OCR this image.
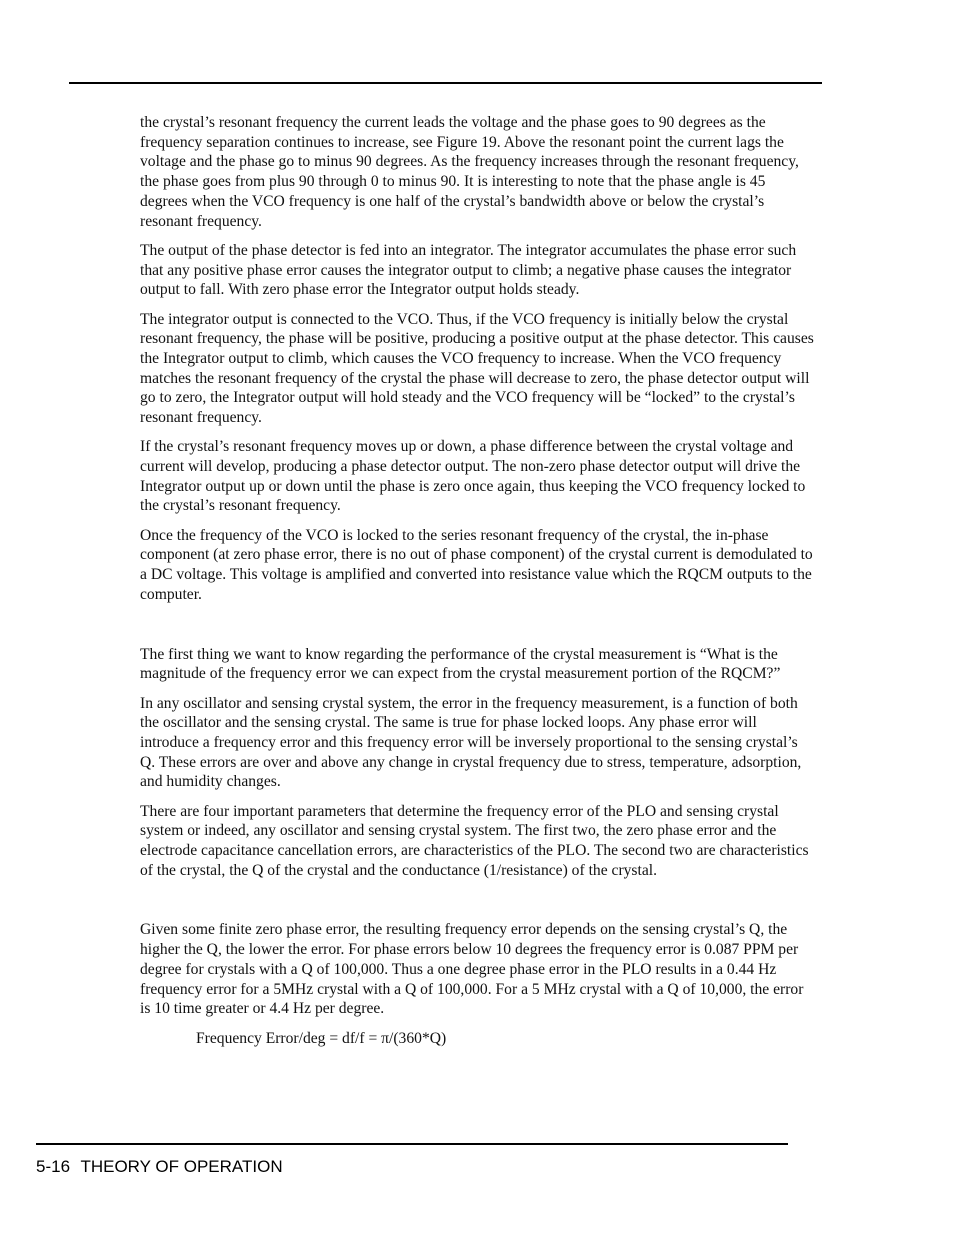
the crystal’s resonant frequency the current leads the voltage and the phase goes to 90 degrees as the frequency separation continues to increase, see Figure 19. Above the resonant point the current lags the voltage and the phase go to minus 90 degrees. As the frequency increases through the resonant frequency, the phase goes from plus 90 through 0 to minus 90. It is interesting to note that the phase angle is 45 degrees when the VCO frequency is one half of the crystal’s bandwidth above or below the crystal’s resonant frequency.

The output of the phase detector is fed into an integrator. The integrator accumulates the phase error such that any positive phase error causes the integrator output to climb; a negative phase causes the integrator output to fall. With zero phase error the Integrator output holds steady.

The integrator output is connected to the VCO. Thus, if the VCO frequency is initially below the crystal resonant frequency, the phase will be positive, producing a positive output at the phase detector. This causes the Integrator output to climb, which causes the VCO frequency to increase. When the VCO frequency matches the resonant frequency of the crystal the phase will decrease to zero, the phase detector output will go to zero, the Integrator output will hold steady and the VCO frequency will be “locked” to the crystal’s resonant frequency.

If the crystal’s resonant frequency moves up or down, a phase difference between the crystal voltage and current will develop, producing a phase detector output. The non-zero phase detector output will drive the Integrator output up or down until the phase is zero once again, thus keeping the VCO frequency locked to the crystal’s resonant frequency.

Once the frequency of the VCO is locked to the series resonant frequency of the crystal, the in-phase component (at zero phase error, there is no out of phase component) of the crystal current is demodulated to a DC voltage. This voltage is amplified and converted into resistance value which the RQCM outputs to the computer.

The first thing we want to know regarding the performance of the crystal measurement is “What is the magnitude of the frequency error we can expect from the crystal measurement portion of the RQCM?”

In any oscillator and sensing crystal system, the error in the frequency measurement, is a function of both the oscillator and the sensing crystal. The same is true for phase locked loops. Any phase error will introduce a frequency error and this frequency error will be inversely proportional to the sensing crystal’s Q. These errors are over and above any change in crystal frequency due to stress, temperature, adsorption, and humidity changes.

There are four important parameters that determine the frequency error of the PLO and sensing crystal system or indeed, any oscillator and sensing crystal system. The first two, the zero phase error and the electrode capacitance cancellation errors, are characteristics of the PLO. The second two are characteristics of the crystal, the Q of the crystal and the conductance (1/resistance) of the crystal.

Given some finite zero phase error, the resulting frequency error depends on the sensing crystal’s Q, the higher the Q, the lower the error. For phase errors below 10 degrees the frequency error is 0.087 PPM per degree for crystals with a Q of 100,000. Thus a one degree phase error in the PLO results in a 0.44 Hz frequency error for a 5MHz crystal with a Q of 100,000. For a 5 MHz crystal with a Q of 10,000, the error is 10 time greater or 4.4 Hz per degree.

Frequency Error/deg = df/f = π/(360*Q)

5-16 THEORY OF OPERATION
